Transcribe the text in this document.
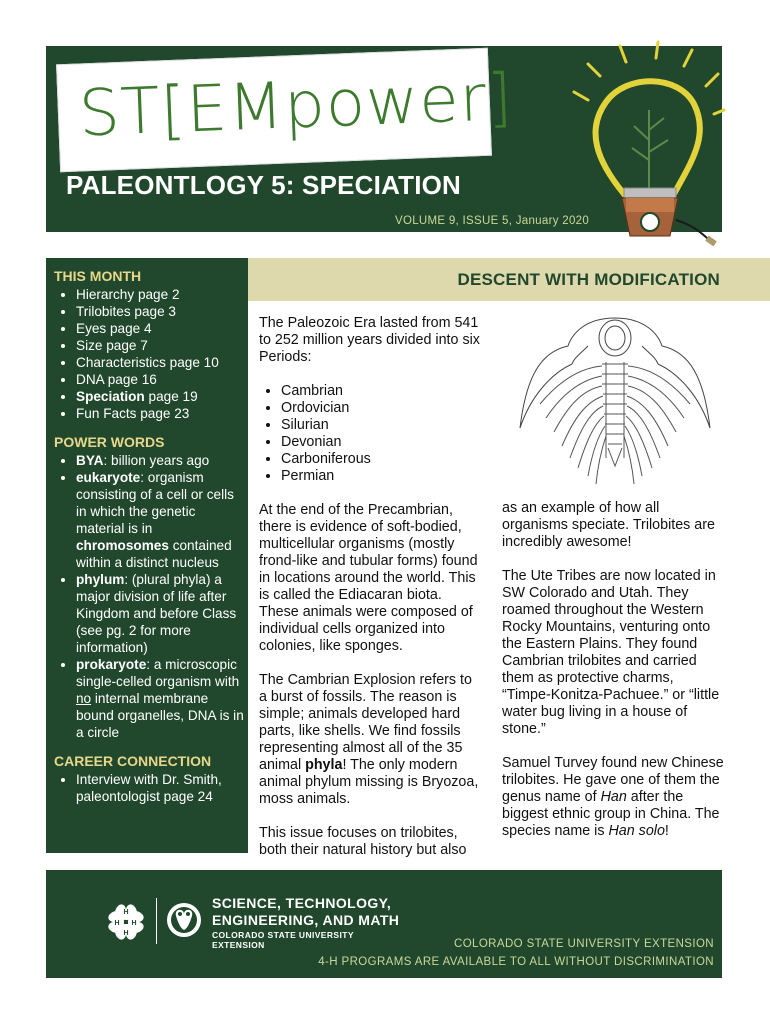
ST[EMpower]
PALEONTLOGY 5: SPECIATION
VOLUME 9, ISSUE 5, January 2020
THIS MONTH
• Hierarchy page 2
• Trilobites page 3
• Eyes page 4
• Size page 7
• Characteristics page 10
• DNA page 16
• Speciation page 19
• Fun Facts page 23
POWER WORDS
• BYA: billion years ago
• eukaryote: organism consisting of a cell or cells in which the genetic material is in chromosomes contained within a distinct nucleus
• phylum: (plural phyla) a major division of life after Kingdom and before Class (see pg. 2 for more information)
• prokaryote: a microscopic single-celled organism with no internal membrane bound organelles, DNA is in a circle
CAREER CONNECTION
• Interview with Dr. Smith, paleontologist page 24
DESCENT WITH MODIFICATION

The Paleozoic Era lasted from 541 to 252 million years divided into six Periods:

• Cambrian
• Ordovician
• Silurian
• Devonian
• Carboniferous
• Permian

At the end of the Precambrian, there is evidence of soft-bodied, multicellular organisms (mostly frond-like and tubular forms) found in locations around the world. This is called the Ediacaran biota. These animals were composed of individual cells organized into colonies, like sponges.

The Cambrian Explosion refers to a burst of fossils. The reason is simple; animals developed hard parts, like shells. We find fossils representing almost all of the 35 animal phyla! The only modern animal phylum missing is Bryozoa, moss animals.

This issue focuses on trilobites, both their natural history but also

as an example of how all organisms speciate. Trilobites are incredibly awesome!

The Ute Tribes are now located in SW Colorado and Utah. They roamed throughout the Western Rocky Mountains, venturing onto the Eastern Plains. They found Cambrian trilobites and carried them as protective charms, “Timpe-Konitza-Pachuee.” or “little water bug living in a house of stone.”

Samuel Turvey found new Chinese trilobites. He gave one of them the genus name of Han after the biggest ethnic group in China. The species name is Han solo!

H
H
H
H
SCIENCE, TECHNOLOGY,
ENGINEERING, AND MATH
COLORADO STATE UNIVERSITY
EXTENSION	COLORADO STATE UNIVERSITY EXTENSION
4-H PROGRAMS ARE AVAILABLE TO ALL WITHOUT DISCRIMINATION
